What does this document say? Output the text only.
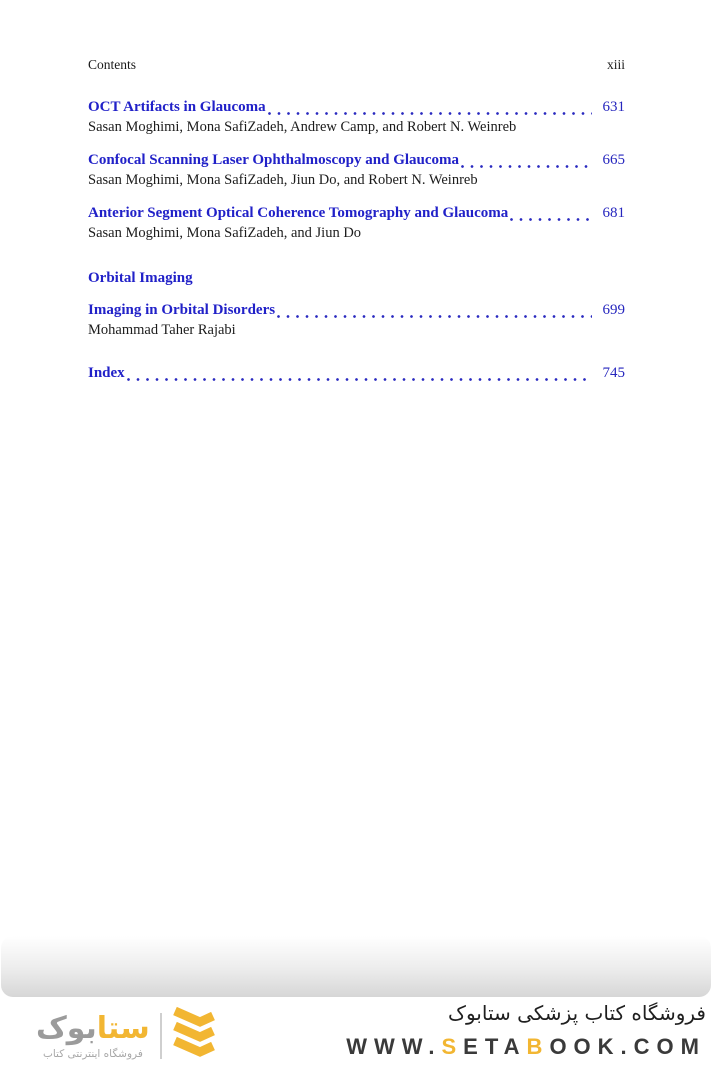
Contents	xiii
OCT Artifacts in Glaucoma	631
Sasan Moghimi, Mona SafiZadeh, Andrew Camp, and Robert N. Weinreb
Confocal Scanning Laser Ophthalmoscopy and Glaucoma	665
Sasan Moghimi, Mona SafiZadeh, Jiun Do, and Robert N. Weinreb
Anterior Segment Optical Coherence Tomography and Glaucoma	681
Sasan Moghimi, Mona SafiZadeh, and Jiun Do
Orbital Imaging
Imaging in Orbital Disorders	699
Mohammad Taher Rajabi
Index	745
ستابوک
فروشگاه اینترنتی کتاب
فروشگاه کتاب پزشکی ستابوک
WWW.SETABOOK.COM
